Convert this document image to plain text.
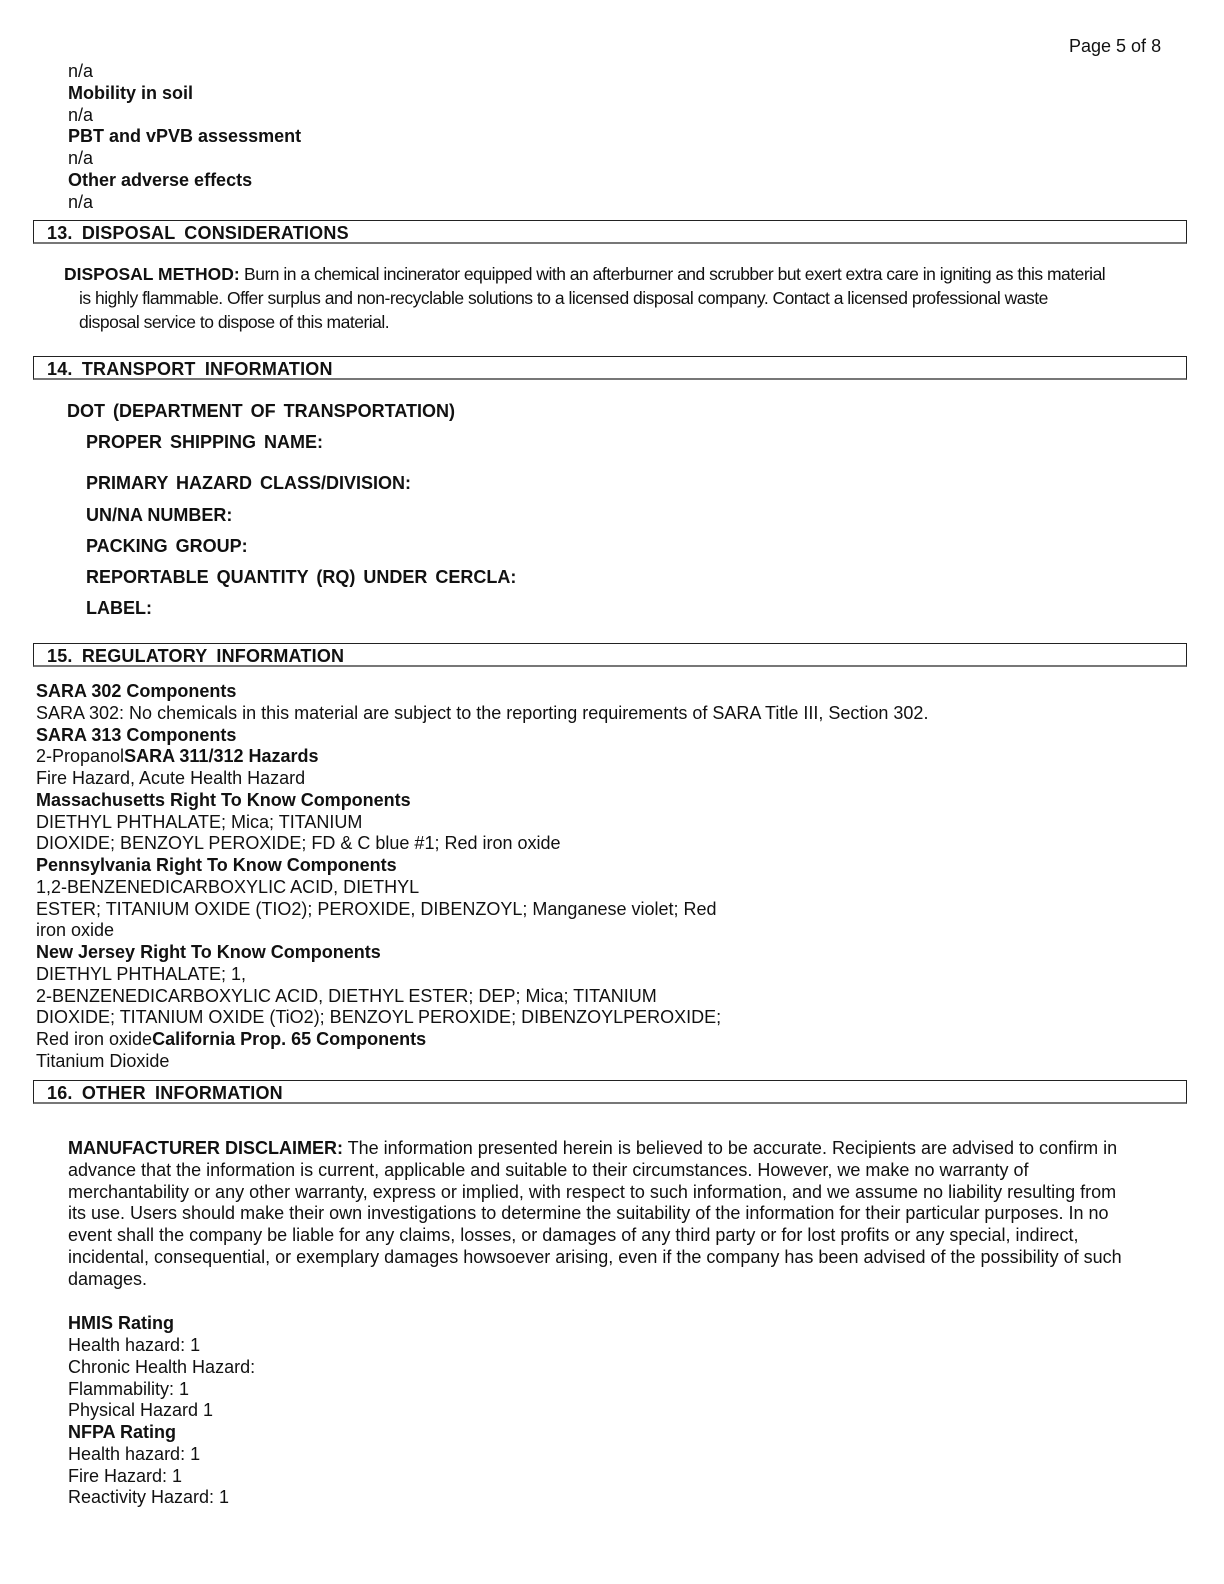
Page 5 of 8
n/a
Mobility in soil
n/a
PBT and vPVB assessment
n/a
Other adverse effects
n/a
13. DISPOSAL CONSIDERATIONS
DISPOSAL METHOD: Burn in a chemical incinerator equipped with an afterburner and scrubber but exert extra care in igniting as this material
is highly flammable. Offer surplus and non-recyclable solutions to a licensed disposal company. Contact a licensed professional waste
disposal service to dispose of this material.
14. TRANSPORT INFORMATION
DOT (DEPARTMENT OF TRANSPORTATION)
PROPER SHIPPING NAME:
PRIMARY HAZARD CLASS/DIVISION:
UN/NA NUMBER:
PACKING GROUP:
REPORTABLE QUANTITY (RQ) UNDER CERCLA:
LABEL:
15. REGULATORY INFORMATION
SARA 302 Components
SARA 302: No chemicals in this material are subject to the reporting requirements of SARA Title III, Section 302.
SARA 313 Components
2-PropanolSARA 311/312 Hazards
Fire Hazard, Acute Health Hazard
Massachusetts Right To Know Components
DIETHYL PHTHALATE; Mica; TITANIUM
DIOXIDE; BENZOYL PEROXIDE; FD & C blue #1; Red iron oxide
Pennsylvania Right To Know Components
1,2-BENZENEDICARBOXYLIC ACID, DIETHYL
ESTER; TITANIUM OXIDE (TIO2); PEROXIDE, DIBENZOYL; Manganese violet; Red
iron oxide
New Jersey Right To Know Components
DIETHYL PHTHALATE; 1,
2-BENZENEDICARBOXYLIC ACID, DIETHYL ESTER; DEP; Mica; TITANIUM
DIOXIDE; TITANIUM OXIDE (TiO2); BENZOYL PEROXIDE; DIBENZOYLPEROXIDE;
Red iron oxideCalifornia Prop. 65 Components
Titanium Dioxide
16. OTHER INFORMATION
MANUFACTURER DISCLAIMER: The information presented herein is believed to be accurate. Recipients are advised to confirm in
advance that the information is current, applicable and suitable to their circumstances. However, we make no warranty of
merchantability or any other warranty, express or implied, with respect to such information, and we assume no liability resulting from
its use. Users should make their own investigations to determine the suitability of the information for their particular purposes. In no
event shall the company be liable for any claims, losses, or damages of any third party or for lost profits or any special, indirect,
incidental, consequential, or exemplary damages howsoever arising, even if the company has been advised of the possibility of such
damages.
HMIS Rating
Health hazard: 1
Chronic Health Hazard:
Flammability: 1
Physical Hazard 1
NFPA Rating
Health hazard: 1
Fire Hazard: 1
Reactivity Hazard: 1
